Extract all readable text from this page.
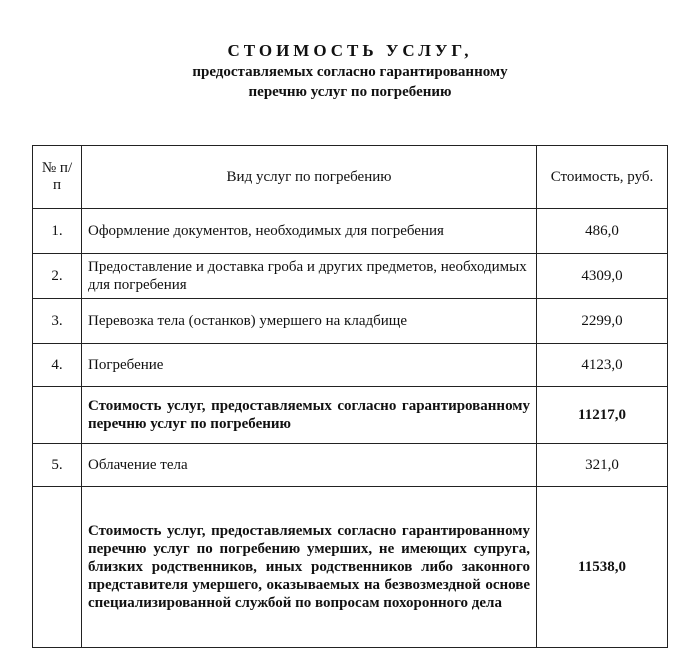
СТОИМОСТЬ УСЛУГ,
предоставляемых согласно гарантированному
перечню услуг по погребению
№ п/п	Вид услуг по погребению	Стоимость, руб.
1.	Оформление документов, необходимых для погребения	486,0
2.	Предоставление и доставка гроба и других предметов, необходимых для погребения	4309,0
3.	Перевозка тела (останков) умершего на кладбище	2299,0
4.	Погребение	4123,0
	Стоимость услуг, предоставляемых согласно гарантированному перечню услуг по погребению	11217,0
5.	Облачение тела	321,0
	Стоимость услуг, предоставляемых согласно гарантированному перечню услуг по погребению умерших, не имеющих супруга, близких родственников, иных родственников либо законного представителя умершего, оказываемых на безвозмездной основе специализированной службой по вопросам похоронного дела	11538,0
